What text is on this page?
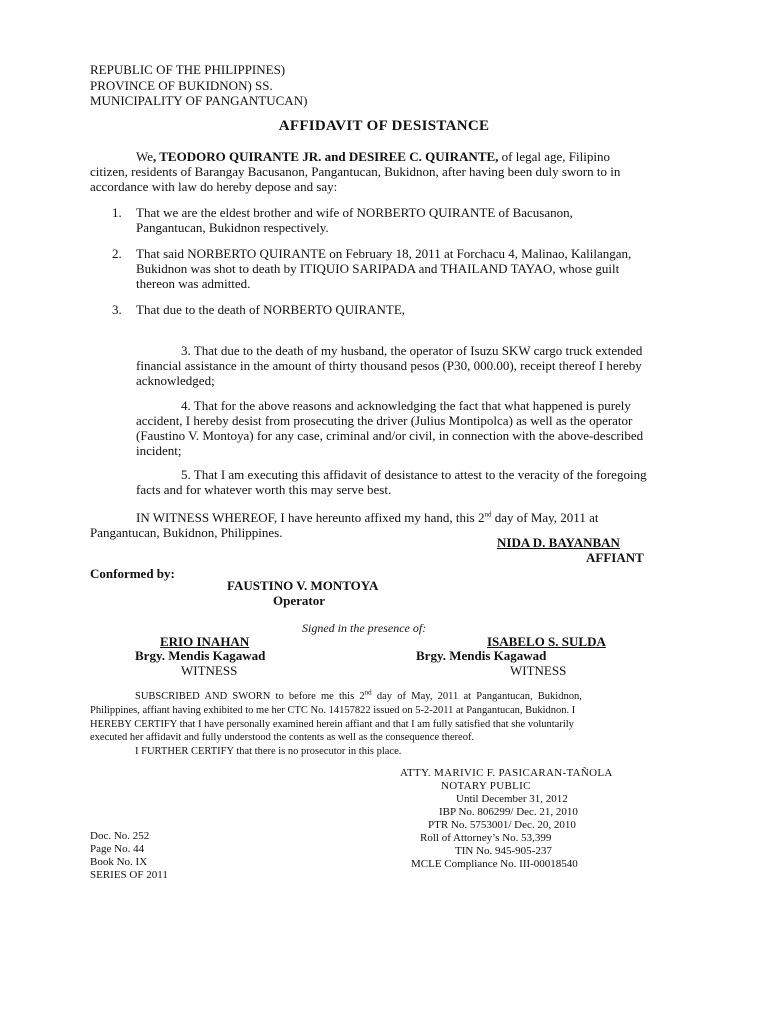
REPUBLIC OF THE PHILIPPINES)
PROVINCE OF BUKIDNON) SS.
MUNICIPALITY OF PANGANTUCAN)
AFFIDAVIT OF DESISTANCE
We, TEODORO QUIRANTE JR. and DESIREE C. QUIRANTE, of legal age, Filipino
citizen, residents of Barangay Bacusanon, Pangantucan, Bukidnon, after having been duly sworn to in
accordance with law do hereby depose and say:
1. That we are the eldest brother and wife of NORBERTO QUIRANTE of Bacusanon,
Pangantucan, Bukidnon respectively.
2. That said NORBERTO QUIRANTE on February 18, 2011 at Forchacu 4, Malinao, Kalilangan,
Bukidnon was shot to death by ITIQUIO SARIPADA and THAILAND TAYAO, whose guilt
thereon was admitted.
3. That due to the death of NORBERTO QUIRANTE,
3. That due to the death of my husband, the operator of Isuzu SKW cargo truck extended
financial assistance in the amount of thirty thousand pesos (P30, 000.00), receipt thereof I hereby
acknowledged;
4. That for the above reasons and acknowledging the fact that what happened is purely
accident, I hereby desist from prosecuting the driver (Julius Montipolca) as well as the operator
(Faustino V. Montoya) for any case, criminal and/or civil, in connection with the above-described
incident;
5. That I am executing this affidavit of desistance to attest to the veracity of the foregoing
facts and for whatever worth this may serve best.
IN WITNESS WHEREOF, I have hereunto affixed my hand, this 2nd day of May, 2011 at
Pangantucan, Bukidnon, Philippines.
NIDA D. BAYANBAN
AFFIANT
Conformed by:
FAUSTINO V. MONTOYA
Operator
Signed in the presence of:
ERIO INAHAN
Brgy. Mendis Kagawad
WITNESS
ISABELO S. SULDA
Brgy. Mendis Kagawad
WITNESS
SUBSCRIBED AND SWORN to before me this 2nd day of May, 2011 at Pangantucan, Bukidnon,
Philippines, affiant having exhibited to me her CTC No. 14157822 issued on 5-2-2011 at Pangantucan, Bukidnon. I
HEREBY CERTIFY that I have personally examined herein affiant and that I am fully satisfied that she voluntarily
executed her affidavit and fully understood the contents as well as the consequence thereof.
I FURTHER CERTIFY that there is no prosecutor in this place.
ATTY. MARIVIC F. PASICARAN-TAÑOLA
NOTARY PUBLIC
Until December 31, 2012
IBP No. 806299/ Dec. 21, 2010
PTR No. 5753001/ Dec. 20, 2010
Roll of Attorney’s No. 53,399
TIN No. 945-905-237
MCLE Compliance No. III-00018540
Doc. No. 252
Page No. 44
Book No. IX
SERIES OF 2011
